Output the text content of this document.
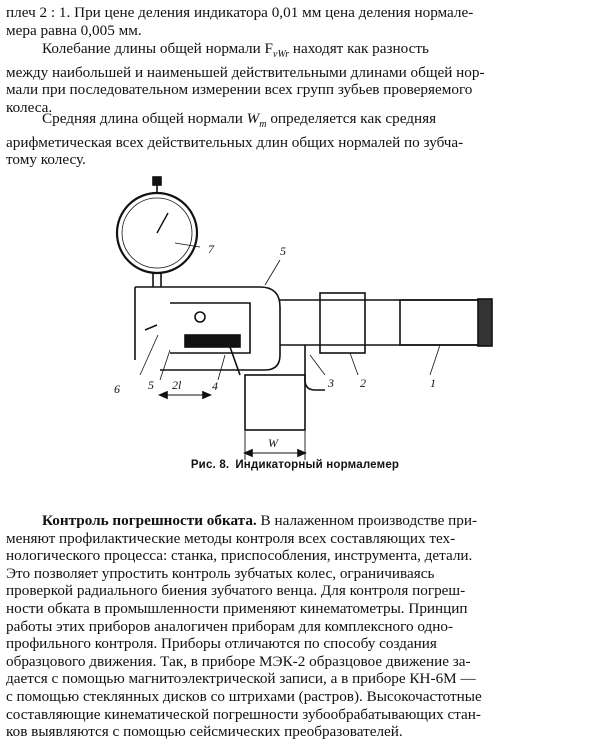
плеч 2 : 1. При цене деления индикатора 0,01 мм цена деления нормале-
мера равна 0,005 мм.

Колебание длины общей нормали $F_{vWr}$ находят как разность
между наибольшей и наименьшей действительными длинами общей нор-
мали при последовательном измерении всех групп зубьев проверяемого
колеса.

Средняя длина общей нормали $W_m$ определяется как средняя
арифметическая всех действительных длин общих нормалей по зубча-
тому колесу.

7	5
6 5 2l	4	3 2	1
W
Рис. 8. Индикаторный нормалемер

Контроль погрешности обката. В налаженном производстве при-
меняют профилактические методы контроля всех составляющих тех-
нологического процесса: станка, приспособления, инструмента, детали.
Это позволяет упростить контроль зубчатых колес, ограничиваясь
проверкой радиального биения зубчатого венца. Для контроля погреш-
ности обката в промышленности применяют кинематометры. Принцип
работы этих приборов аналогичен приборам для комплексного одно-
профильного контроля. Приборы отличаются по способу создания
образцового движения. Так, в приборе МЭК-2 образцовое движение за-
дается с помощью магнитоэлектрической записи, а в приборе КН-6М —
с помощью стеклянных дисков со штрихами (растров). Высокочастотные
составляющие кинематической погрешности зубообрабатывающих стан-
ков выявляются с помощью сейсмических преобразователей.
